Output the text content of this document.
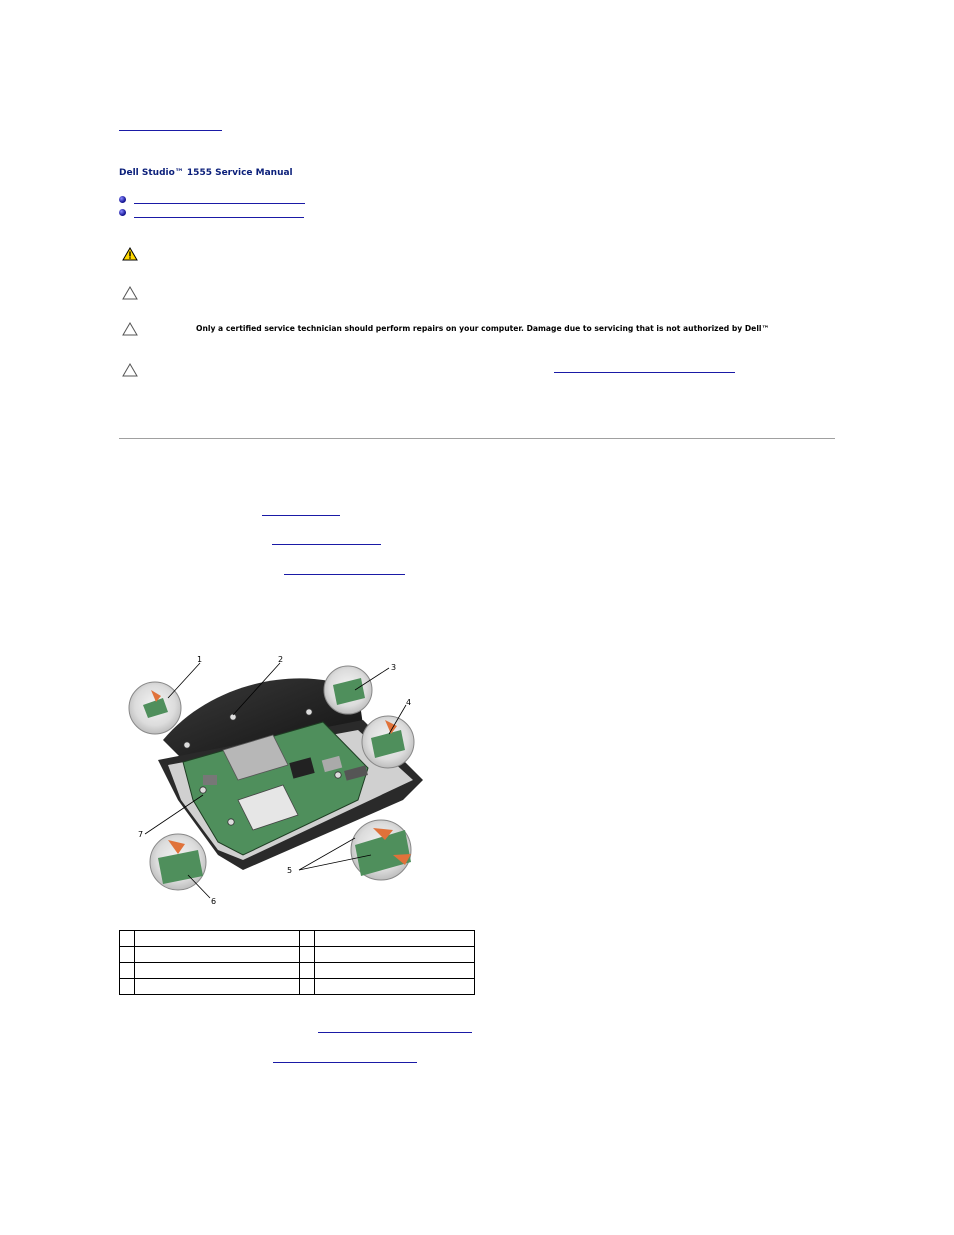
Dell Studio™ 1555 Service Manual
Only a certified service technician should perform repairs on your computer. Damage due to servicing that is not authorized by Dell™
1	2
3
4
5
6
7
